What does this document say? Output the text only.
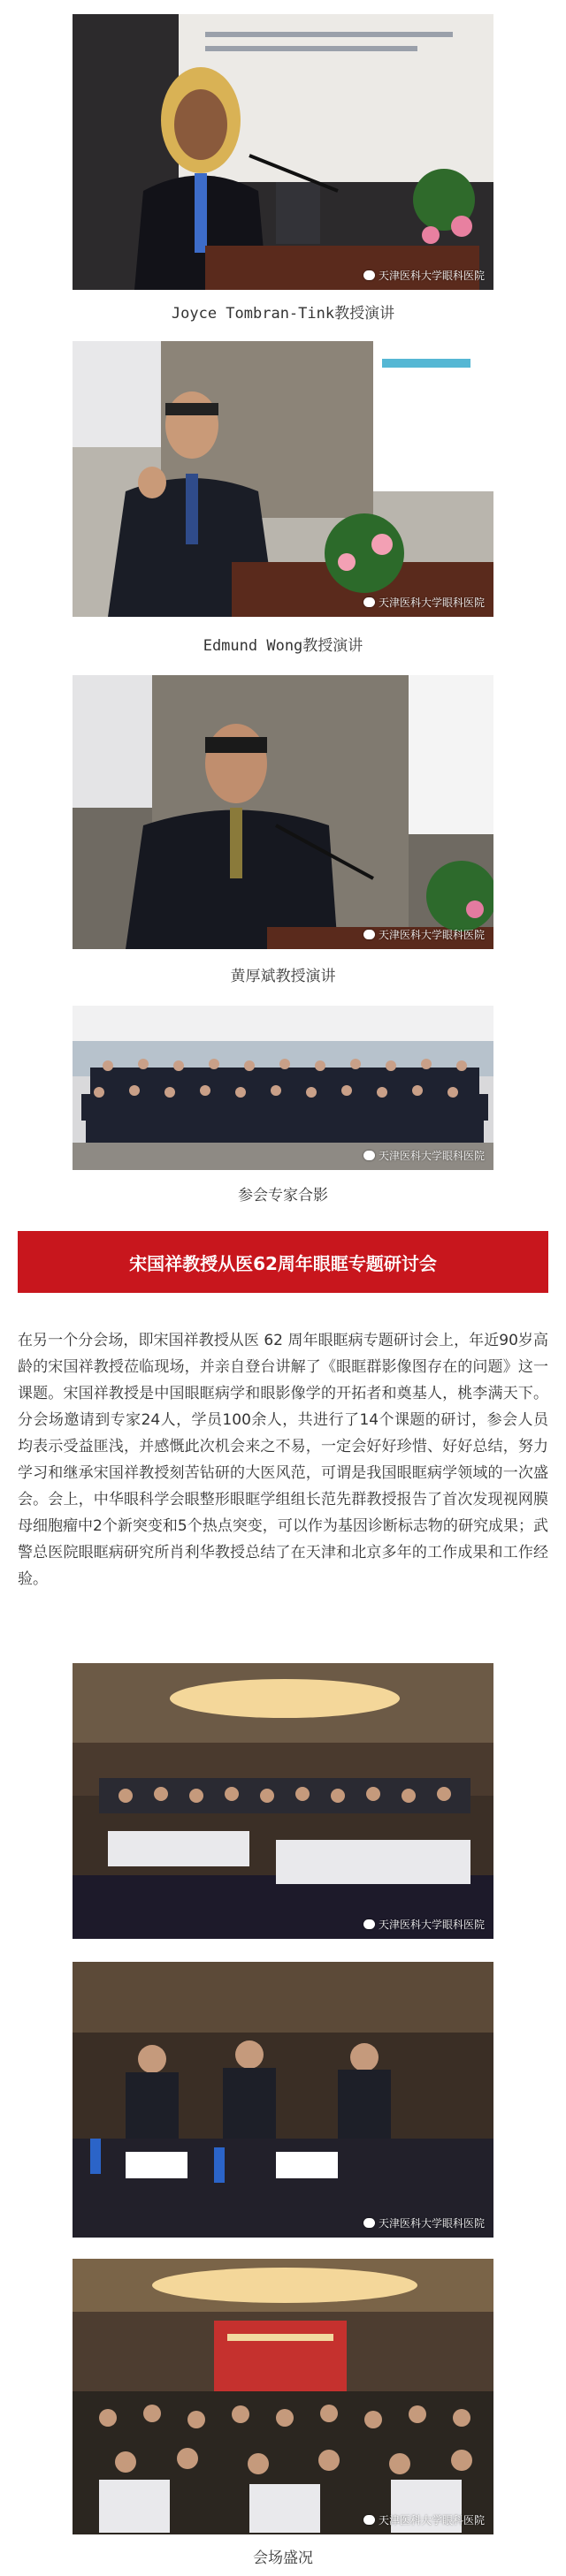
天津医科大学眼科医院
Joyce Tombran-Tink教授演讲
天津医科大学眼科医院
Edmund Wong教授演讲
天津医科大学眼科医院
黄厚斌教授演讲
天津医科大学眼科医院
参会专家合影
宋国祥教授从医62周年眼眶专题研讨会

在另一个分会场，即宋国祥教授从医 62 周年眼眶病专题研讨会上，年近90岁高龄的宋国祥教授莅临现场，并亲自登台讲解了《眼眶群影像图存在的问题》这一课题。宋国祥教授是中国眼眶病学和眼影像学的开拓者和奠基人，桃李满天下。分会场邀请到专家24人，学员100余人，共进行了14个课题的研讨，参会人员均表示受益匪浅，并感慨此次机会来之不易，一定会好好珍惜、好好总结，努力学习和继承宋国祥教授刻苦钻研的大医风范，可谓是我国眼眶病学领域的一次盛会。会上，中华眼科学会眼整形眼眶学组组长范先群教授报告了首次发现视网膜母细胞瘤中2个新突变和5个热点突变，可以作为基因诊断标志物的研究成果；武警总医院眼眶病研究所肖利华教授总结了在天津和北京多年的工作成果和工作经验。

天津医科大学眼科医院
天津医科大学眼科医院
天津医科大学眼科医院
会场盛况
